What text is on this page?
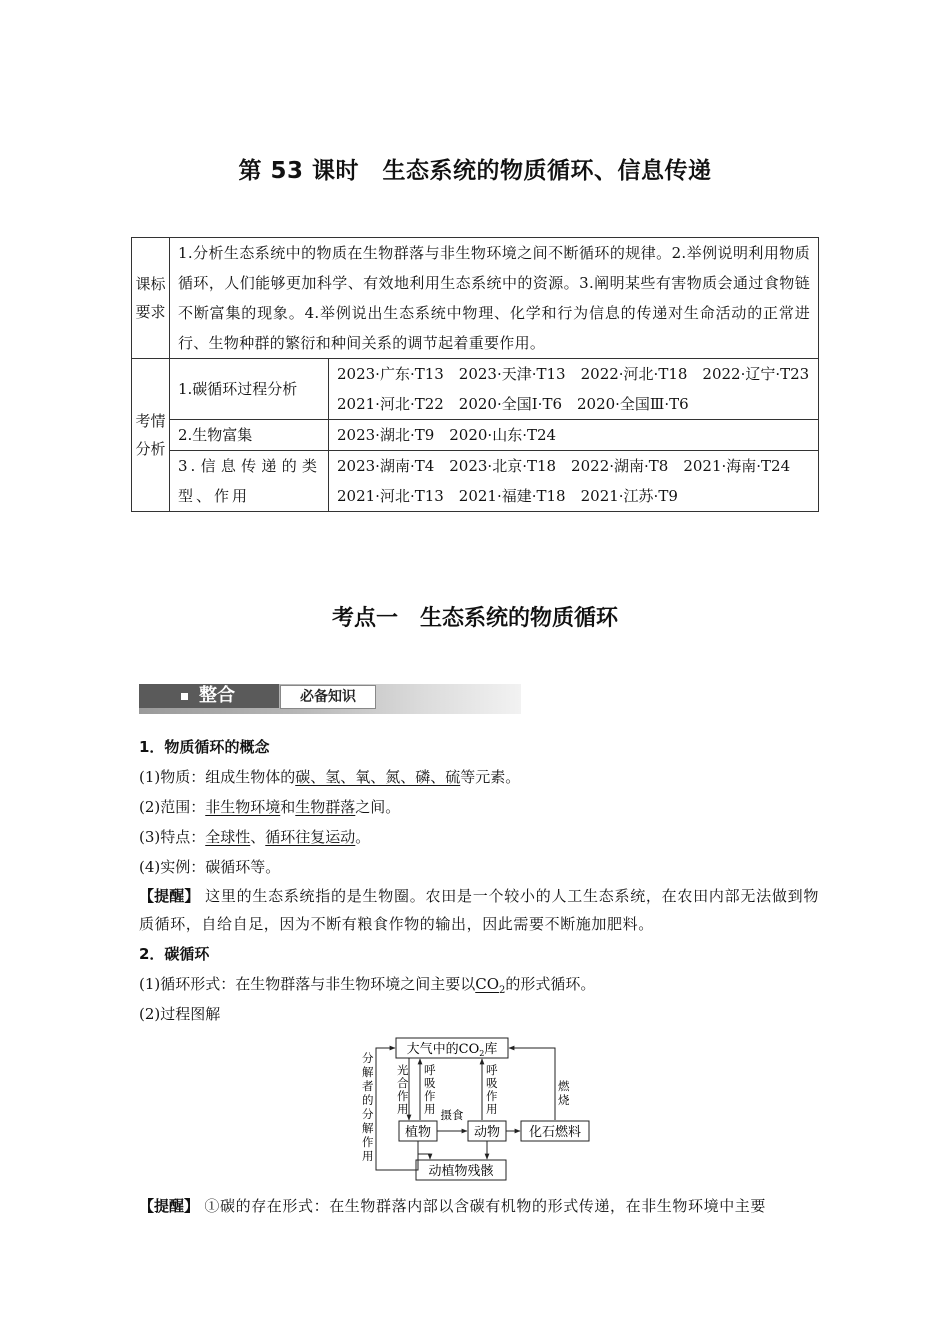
第 53 课时　生态系统的物质循环、信息传递
课标
要求	1.分析生态系统中的物质在生物群落与非生物环境之间不断循环的规律。2.举例说明利用物质循环，人们能够更加科学、有效地利用生态系统中的资源。3.阐明某些有害物质会通过食物链不断富集的现象。4.举例说出生态系统中物理、化学和行为信息的传递对生命活动的正常进行、生物种群的繁衍和种间关系的调节起着重要作用。	
考情
分析	1.碳循环过程分析	2023·广东·T13　2023·天津·T13　2022·河北·T18　2022·辽宁·T23　2021·河北·T22　2020·全国Ⅰ·T6　2020·全国Ⅲ·T6
	2.生物富集	2023·湖北·T9　2020·山东·T24
	3.信息传递的类型、作用	2023·湖南·T4　2023·北京·T18　2022·湖南·T8　2021·海南·T24　2021·河北·T13　2021·福建·T18　2021·江苏·T9
考点一　生态系统的物质循环
整合	必备知识
1．物质循环的概念
(1)物质：组成生物体的碳、氢、氧、氮、磷、硫等元素。
(2)范围：非生物环境和生物群落之间。
(3)特点：全球性、循环往复运动。
(4)实例：碳循环等。
【提醒】 这里的生态系统指的是生物圈。农田是一个较小的人工生态系统，在农田内部无法做到物质循环，自给自足，因为不断有粮食作物的输出，因此需要不断施加肥料。
2．碳循环
(1)循环形式：在生物群落与非生物环境之间主要以$CO_2$的形式循环。
(2)过程图解
大气中的$CO_2$库
植物	动物 化石燃料
动植物残骸
分解者的分解作用
光合作用
呼吸作用
呼吸作用
燃烧
摄食
【提醒】 ①碳的存在形式：在生物群落内部以含碳有机物的形式传递，在非生物环境中主要
